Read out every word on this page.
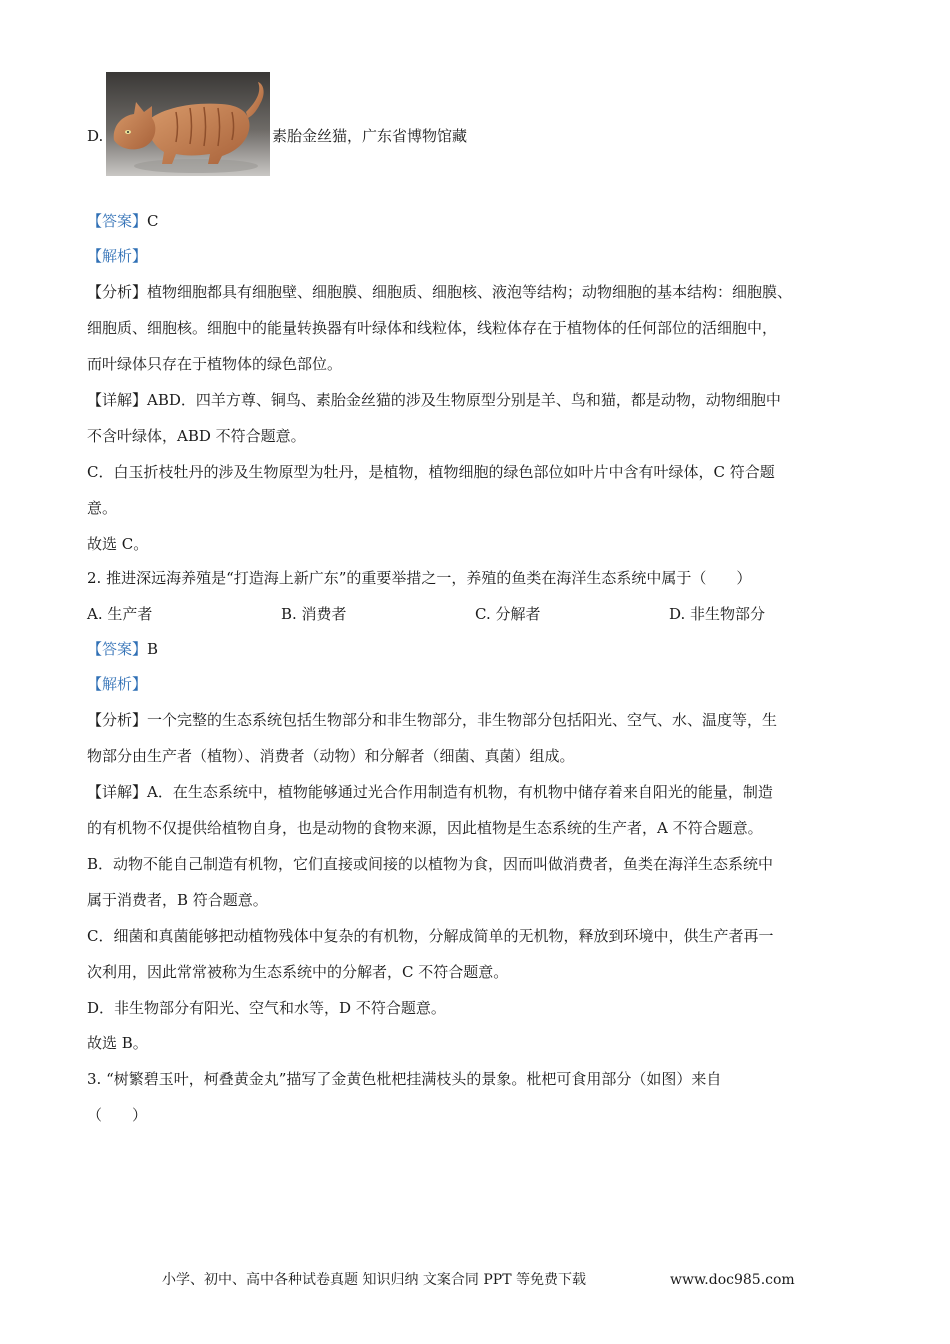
D.	素胎金丝猫，广东省博物馆藏
【答案】C
【解析】
【分析】植物细胞都具有细胞壁、细胞膜、细胞质、细胞核、液泡等结构；动物细胞的基本结构：细胞膜、
细胞质、细胞核。细胞中的能量转换器有叶绿体和线粒体，线粒体存在于植物体的任何部位的活细胞中，
而叶绿体只存在于植物体的绿色部位。
【详解】ABD．四羊方尊、铜鸟、素胎金丝猫的涉及生物原型分别是羊、鸟和猫，都是动物，动物细胞中
不含叶绿体，ABD 不符合题意。
C．白玉折枝牡丹的涉及生物原型为牡丹，是植物，植物细胞的绿色部位如叶片中含有叶绿体，C 符合题
意。
故选 C。
2. 推进深远海养殖是“打造海上新广东”的重要举措之一，养殖的鱼类在海洋生态系统中属于（　　）
A. 生产者	B. 消费者	C. 分解者	D. 非生物部分
【答案】B
【解析】
【分析】一个完整的生态系统包括生物部分和非生物部分，非生物部分包括阳光、空气、水、温度等，生
物部分由生产者（植物）、消费者（动物）和分解者（细菌、真菌）组成。
【详解】A．在生态系统中，植物能够通过光合作用制造有机物，有机物中储存着来自阳光的能量，制造
的有机物不仅提供给植物自身，也是动物的食物来源，因此植物是生态系统的生产者，A 不符合题意。
B．动物不能自己制造有机物，它们直接或间接的以植物为食，因而叫做消费者，鱼类在海洋生态系统中
属于消费者，B 符合题意。
C．细菌和真菌能够把动植物残体中复杂的有机物，分解成简单的无机物，释放到环境中，供生产者再一
次利用，因此常常被称为生态系统中的分解者，C 不符合题意。
D．非生物部分有阳光、空气和水等，D 不符合题意。
故选 B。
3. “树繁碧玉叶，柯叠黄金丸”描写了金黄色枇杷挂满枝头的景象。枇杷可食用部分（如图）来自
（　　）
小学、初中、高中各种试卷真题 知识归纳 文案合同 PPT 等免费下载	www.doc985.com
